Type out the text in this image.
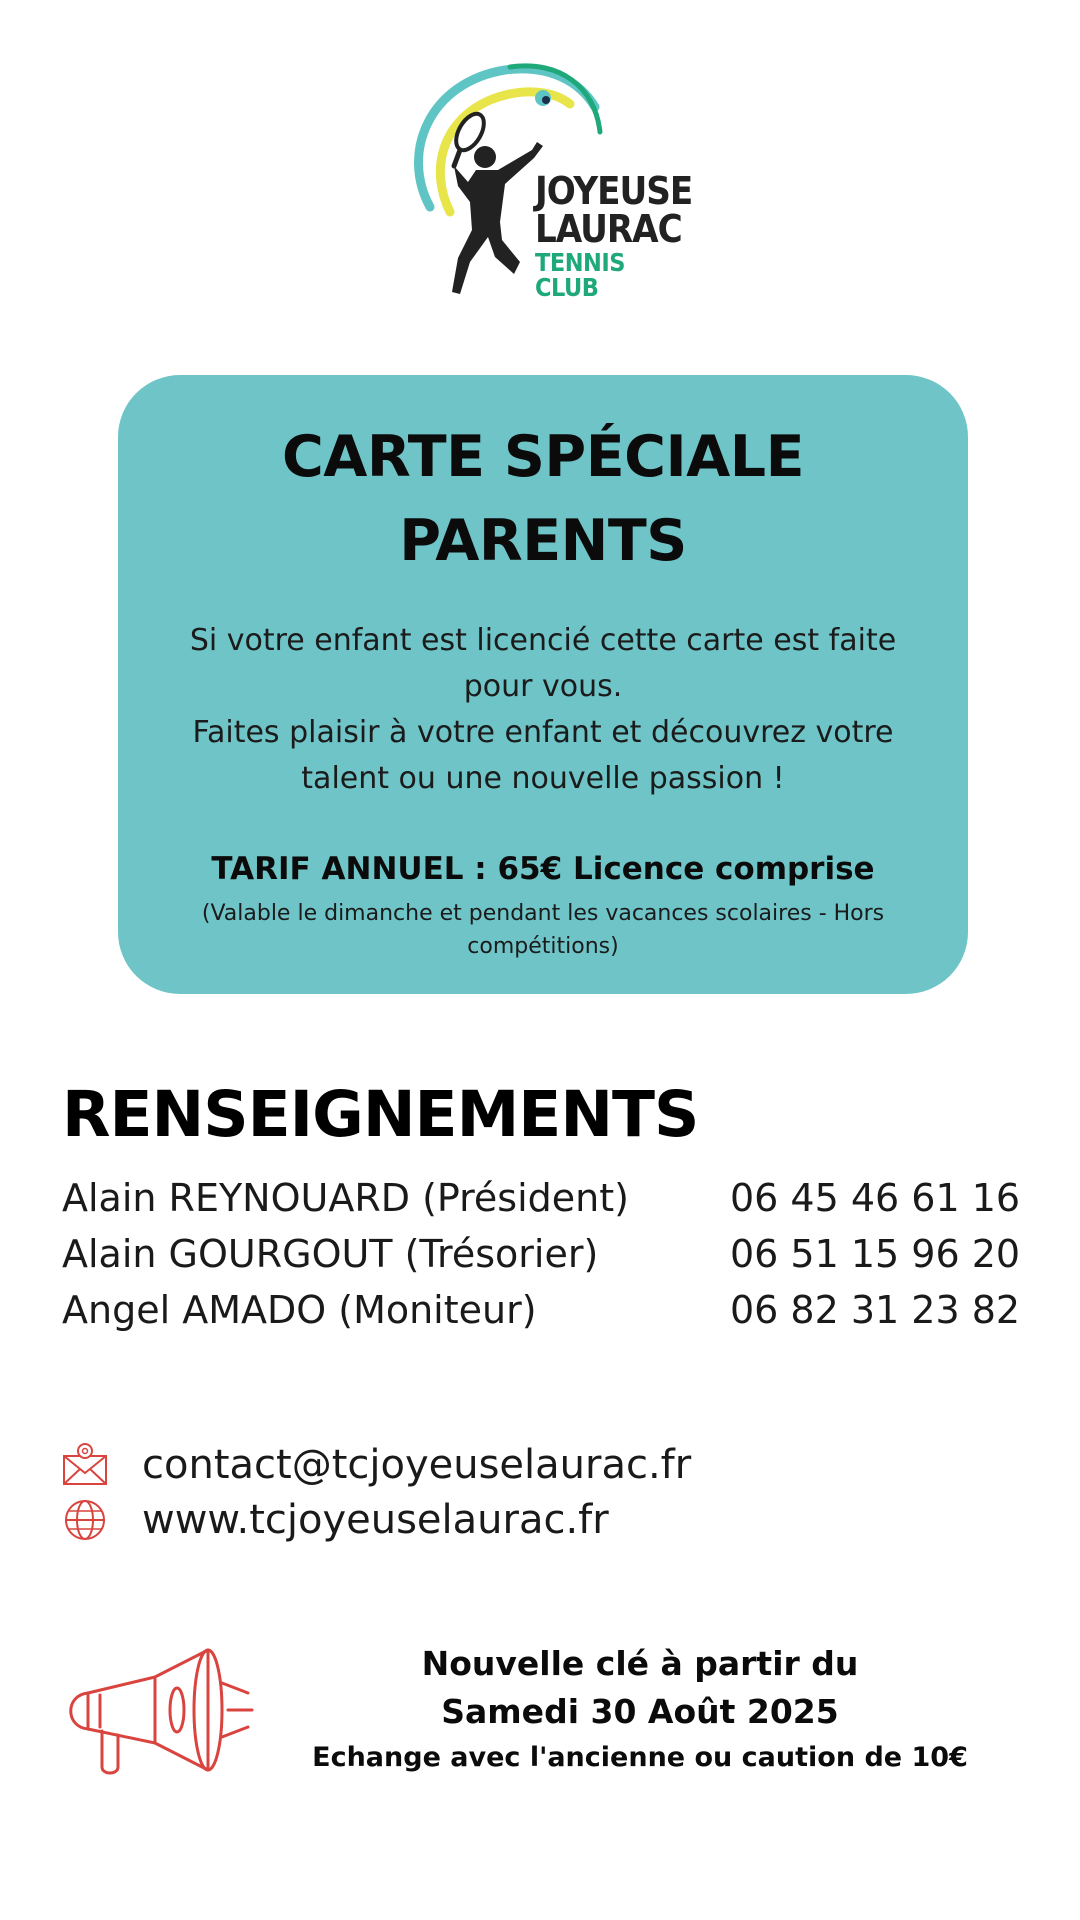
JOYEUSE
LAURAC
TENNIS CLUB
CARTE SPÉCIALE
PARENTS
Si votre enfant est licencié cette carte est faite
pour vous.
Faites plaisir à votre enfant et découvrez votre
talent ou une nouvelle passion !
TARIF ANNUEL : 65€ Licence comprise
(Valable le dimanche et pendant les vacances scolaires - Hors
compétitions)
RENSEIGNEMENTS
Alain REYNOUARD (Président)	06 45 46 61 16
Alain GOURGOUT (Trésorier)	06 51 15 96 20
Angel AMADO (Moniteur)	06 82 31 23 82
contact@tcjoyeuselaurac.fr
www.tcjoyeuselaurac.fr
Nouvelle clé à partir du
Samedi 30 Août 2025
Echange avec l'ancienne ou caution de 10€
